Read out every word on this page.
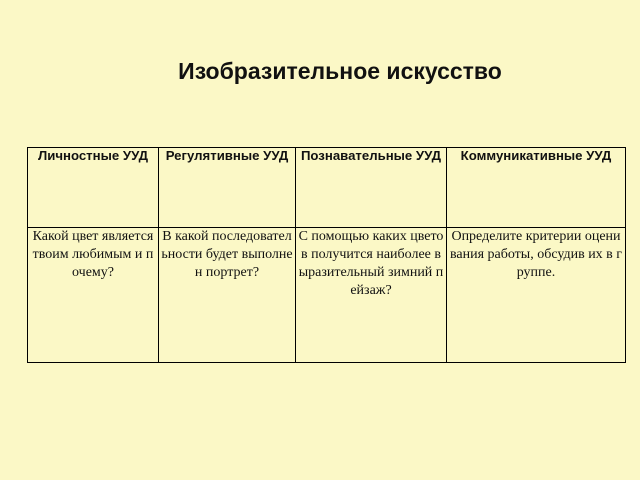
Изобразительное искусство
Личностные УУД	Регулятивные УУД	Познавательные УУД	Коммуникативные УУД

Какой цвет является твоим любимым и почему?	В какой последовательности будет выполнен портрет?	С помощью каких цветов получится наиболее выразительный зимний пейзаж?	Определите критерии оценивания работы, обсудив их в группе.
